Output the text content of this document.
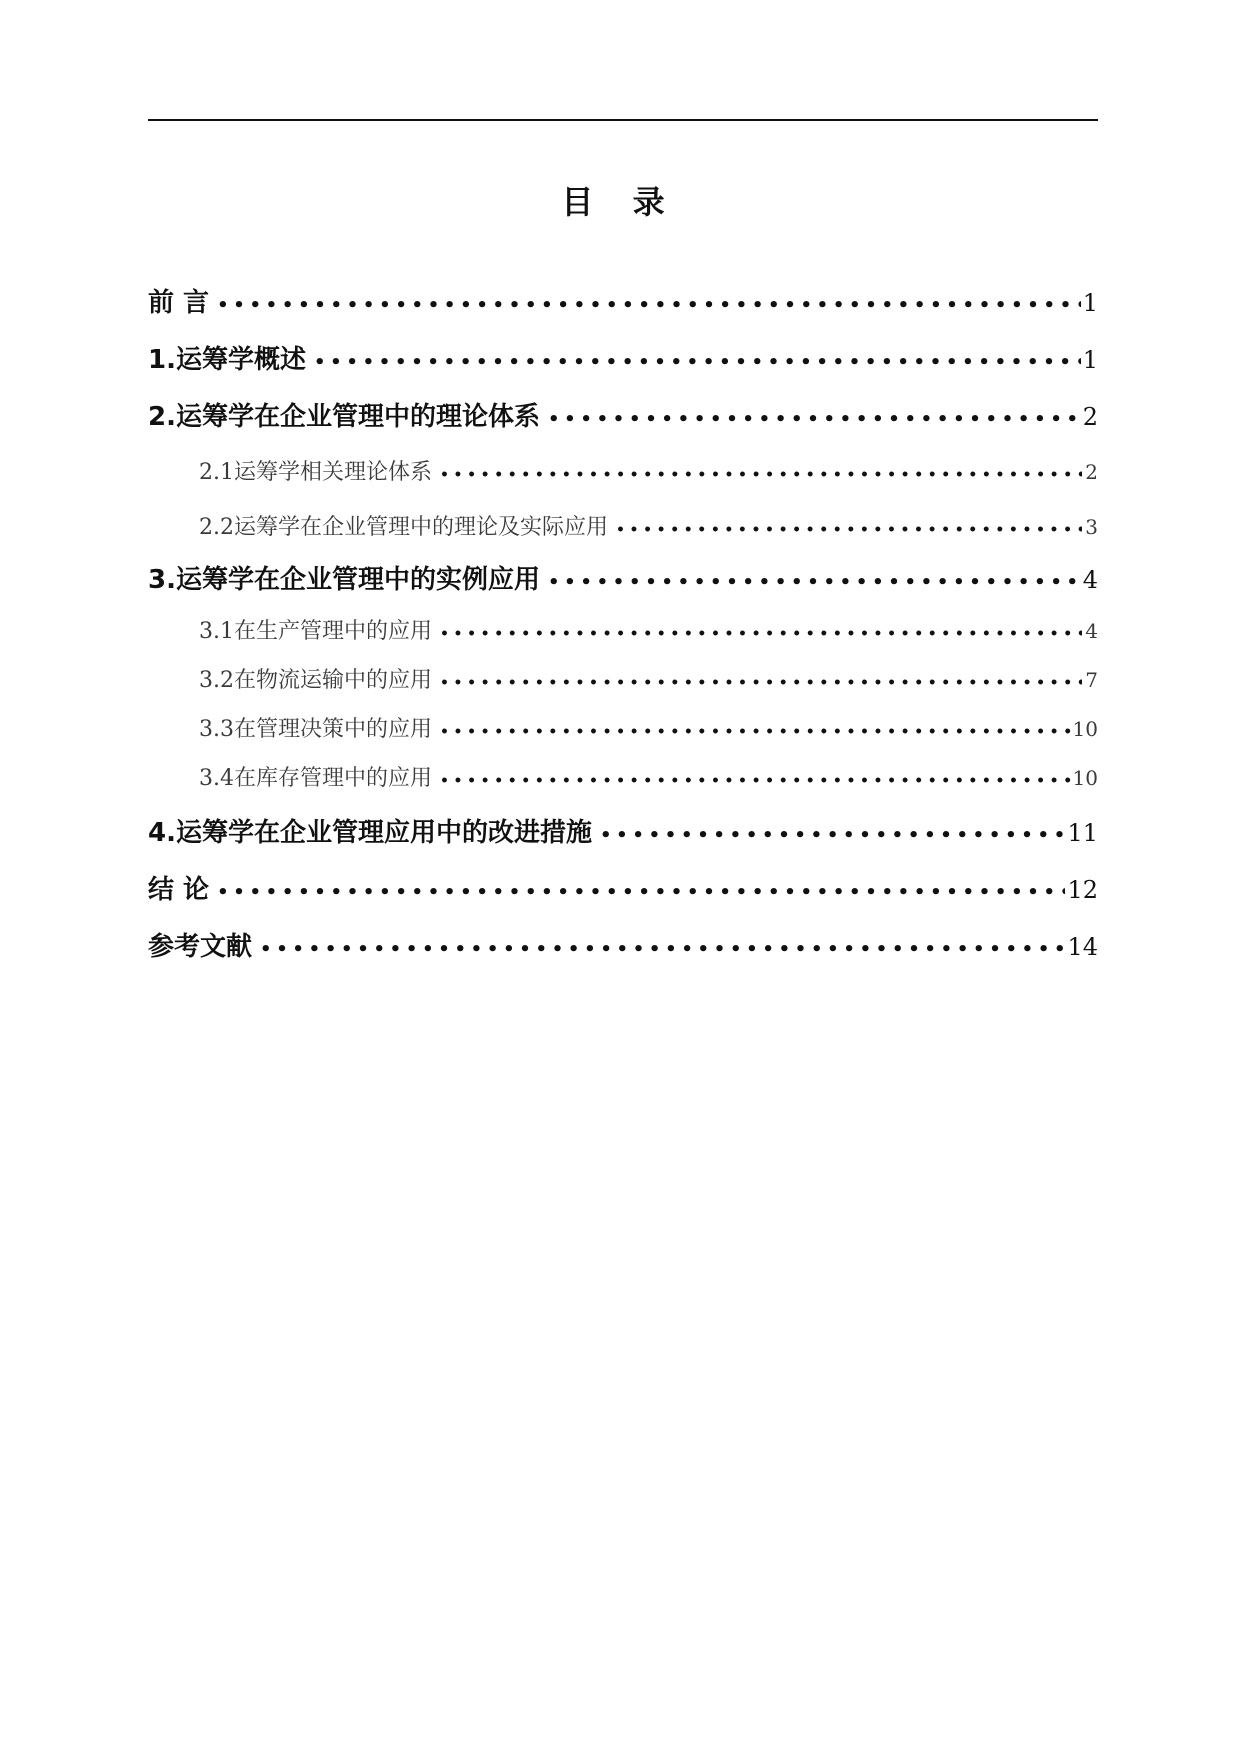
目 录
前 言 •••••	1
1.运筹学概述 •••••	1
2.运筹学在企业管理中的理论体系 •••••	2
2.1运筹学相关理论体系 •••••	2
2.2运筹学在企业管理中的理论及实际应用 •••••	3
3.运筹学在企业管理中的实例应用 •••••	4
3.1在生产管理中的应用 •••••	4
3.2在物流运输中的应用 •••••	7
3.3在管理决策中的应用 •••••	10
3.4在库存管理中的应用 •••••	10
4.运筹学在企业管理应用中的改进措施 •••••	11
结 论 •••••	12
参考文献 •••••	14
